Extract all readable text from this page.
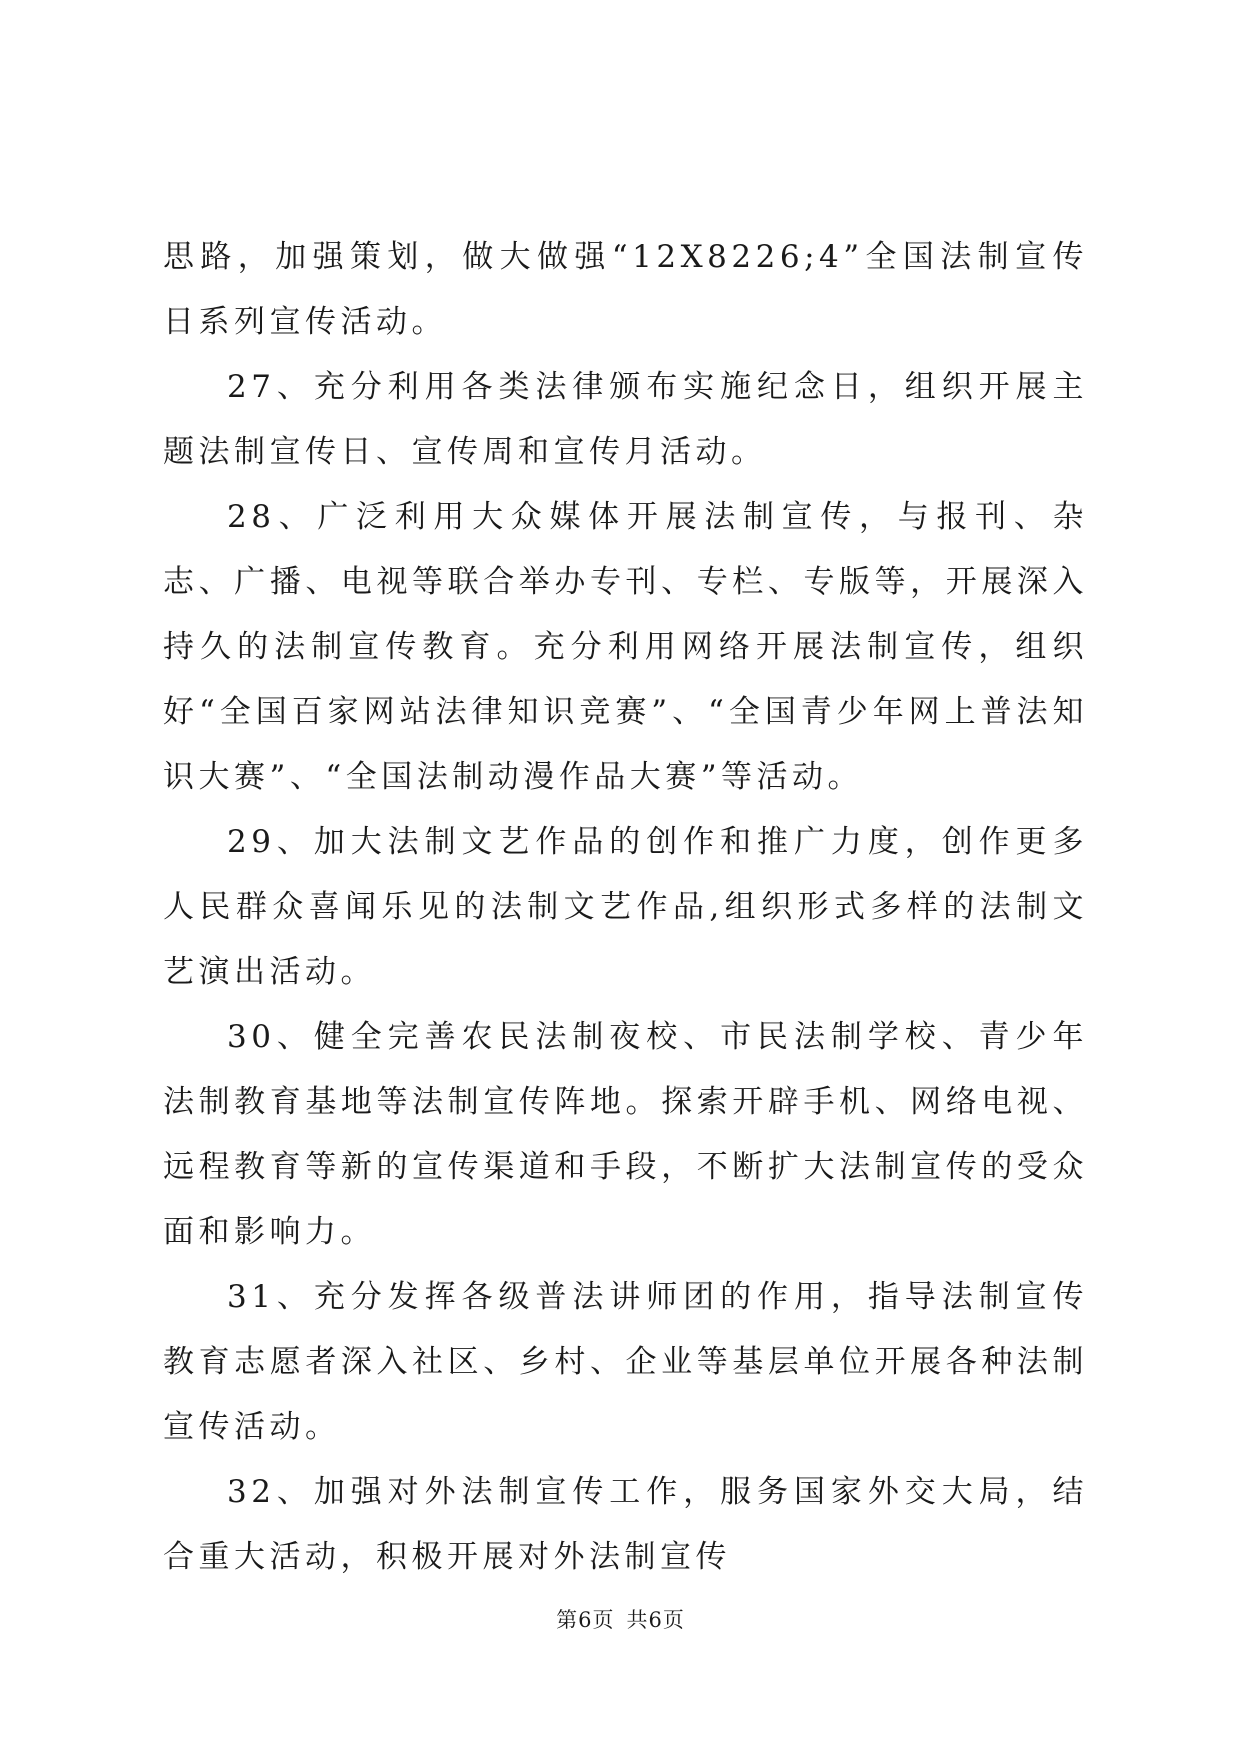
思路，加强策划，做大做强“12X8226;4”全国法制宣传日系列宣传活动。

27、充分利用各类法律颁布实施纪念日，组织开展主题法制宣传日、宣传周和宣传月活动。

28、广泛利用大众媒体开展法制宣传，与报刊、杂志、广播、电视等联合举办专刊、专栏、专版等，开展深入持久的法制宣传教育。充分利用网络开展法制宣传，组织好“全国百家网站法律知识竞赛”、“全国青少年网上普法知识大赛”、“全国法制动漫作品大赛”等活动。

29、加大法制文艺作品的创作和推广力度，创作更多人民群众喜闻乐见的法制文艺作品,组织形式多样的法制文艺演出活动。

30、健全完善农民法制夜校、市民法制学校、青少年法制教育基地等法制宣传阵地。探索开辟手机、网络电视、远程教育等新的宣传渠道和手段，不断扩大法制宣传的受众面和影响力。

31、充分发挥各级普法讲师团的作用，指导法制宣传教育志愿者深入社区、乡村、企业等基层单位开展各种法制宣传活动。

32、加强对外法制宣传工作，服务国家外交大局，结合重大活动，积极开展对外法制宣传

第6页 共6页
